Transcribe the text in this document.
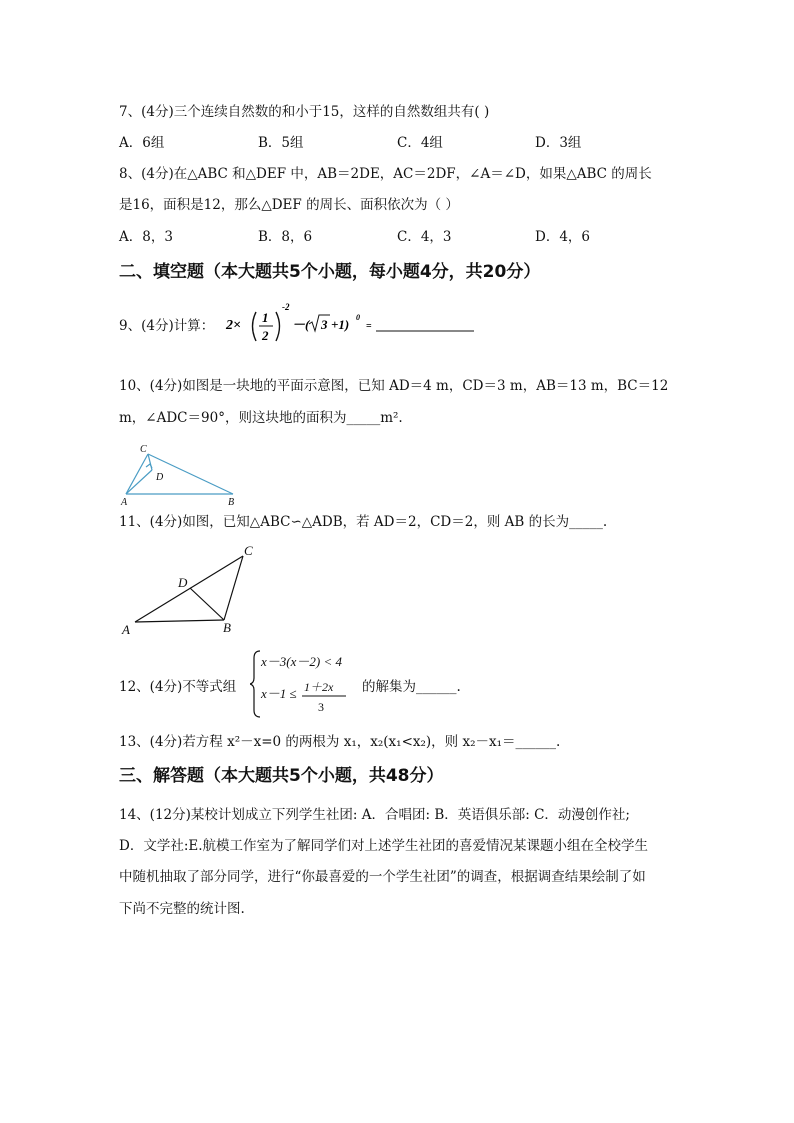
7、(4分)三个连续自然数的和小于15，这样的自然数组共有( )
A．6组	B．5组	C．4组	D．3组
8、(4分)在△ABC 和△DEF 中，AB＝2DE，AC＝2DF，∠A＝∠D，如果△ABC 的周长
是16，面积是12，那么△DEF 的周长、面积依次为（ ）
A．8，3	B．8，6	C．4，3	D．4，6
二、填空题（本大题共5个小题，每小题4分，共20分）
9、(4分)计算： 2×
1
2
-2
－( 3 +1) 0
=
10、(4分)如图是一块地的平面示意图，已知 AD＝4 m，CD＝3 m，AB＝13 m，BC＝12
m，∠ADC＝90°，则这块地的面积为_____m².
C
D
A	B
11、(4分)如图，已知△ABC∽△ADB，若 AD＝2，CD＝2，则 AB 的长为_____.
C
D
A	B
12、(4分)不等式组
x－3(x－2) < 4
x－1 ≤ 1＋2x
3
的解集为______.
13、(4分)若方程 x²－x=0 的两根为 x₁，x₂(x₁<x₂)，则 x₂－x₁＝______.
三、解答题（本大题共5个小题，共48分）
14、(12分)某校计划成立下列学生社团: A．合唱团: B．英语俱乐部: C．动漫创作社;
D．文学社:E.航模工作室为了解同学们对上述学生社团的喜爱情况某课题小组在全校学生
中随机抽取了部分同学，进行“你最喜爱的一个学生社团”的调查，根据调查结果绘制了如
下尚不完整的统计图.
